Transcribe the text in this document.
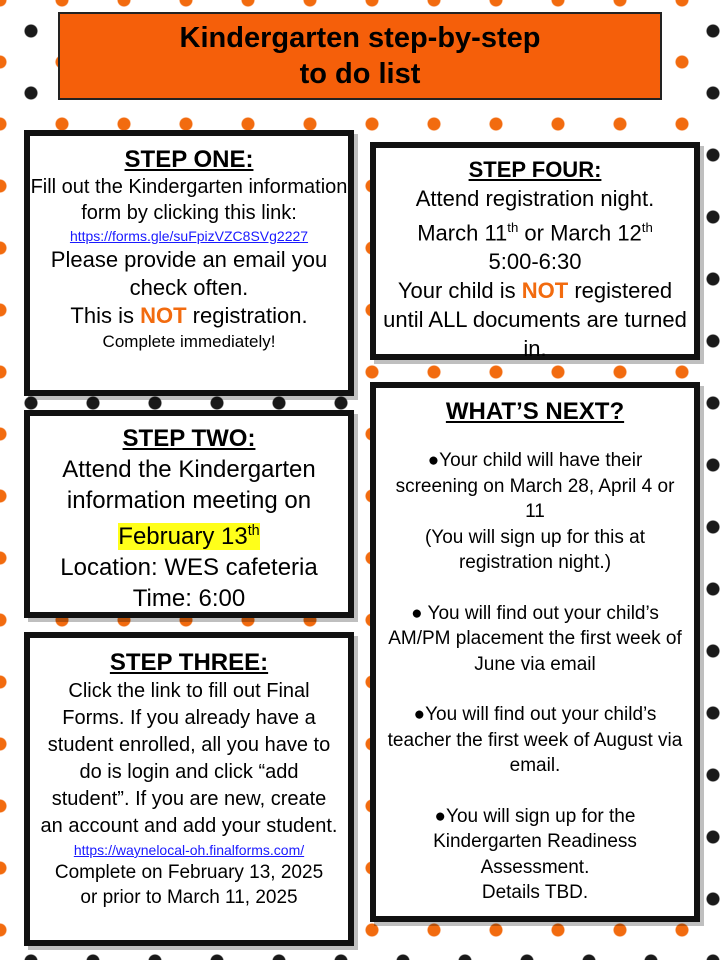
Kindergarten step-by-step
to do list
STEP ONE:
Fill out the Kindergarten information form by clicking this link:
https://forms.gle/suFpizVZC8SVg2227
Please provide an email you check often.
This is NOT registration.
Complete immediately!
STEP TWO:
Attend the Kindergarten information meeting on
February 13th
Location: WES cafeteria
Time: 6:00
STEP THREE:
Click the link to fill out Final Forms. If you already have a student enrolled, all you have to do is login and click “add student”. If you are new, create an account and add your student.
https://waynelocal-oh.finalforms.com/
Complete on February 13, 2025
or prior to March 11, 2025
STEP FOUR:
Attend registration night.
March 11th or March 12th
5:00-6:30
Your child is NOT registered until ALL documents are turned in.
WHAT’S NEXT?

●Your child will have their screening on March 28, April 4 or 11
(You will sign up for this at registration night.)

● You will find out your child’s AM/PM placement the first week of June via email

●You will find out your child’s teacher the first week of August via email.

●You will sign up for the Kindergarten Readiness Assessment.
Details TBD.
